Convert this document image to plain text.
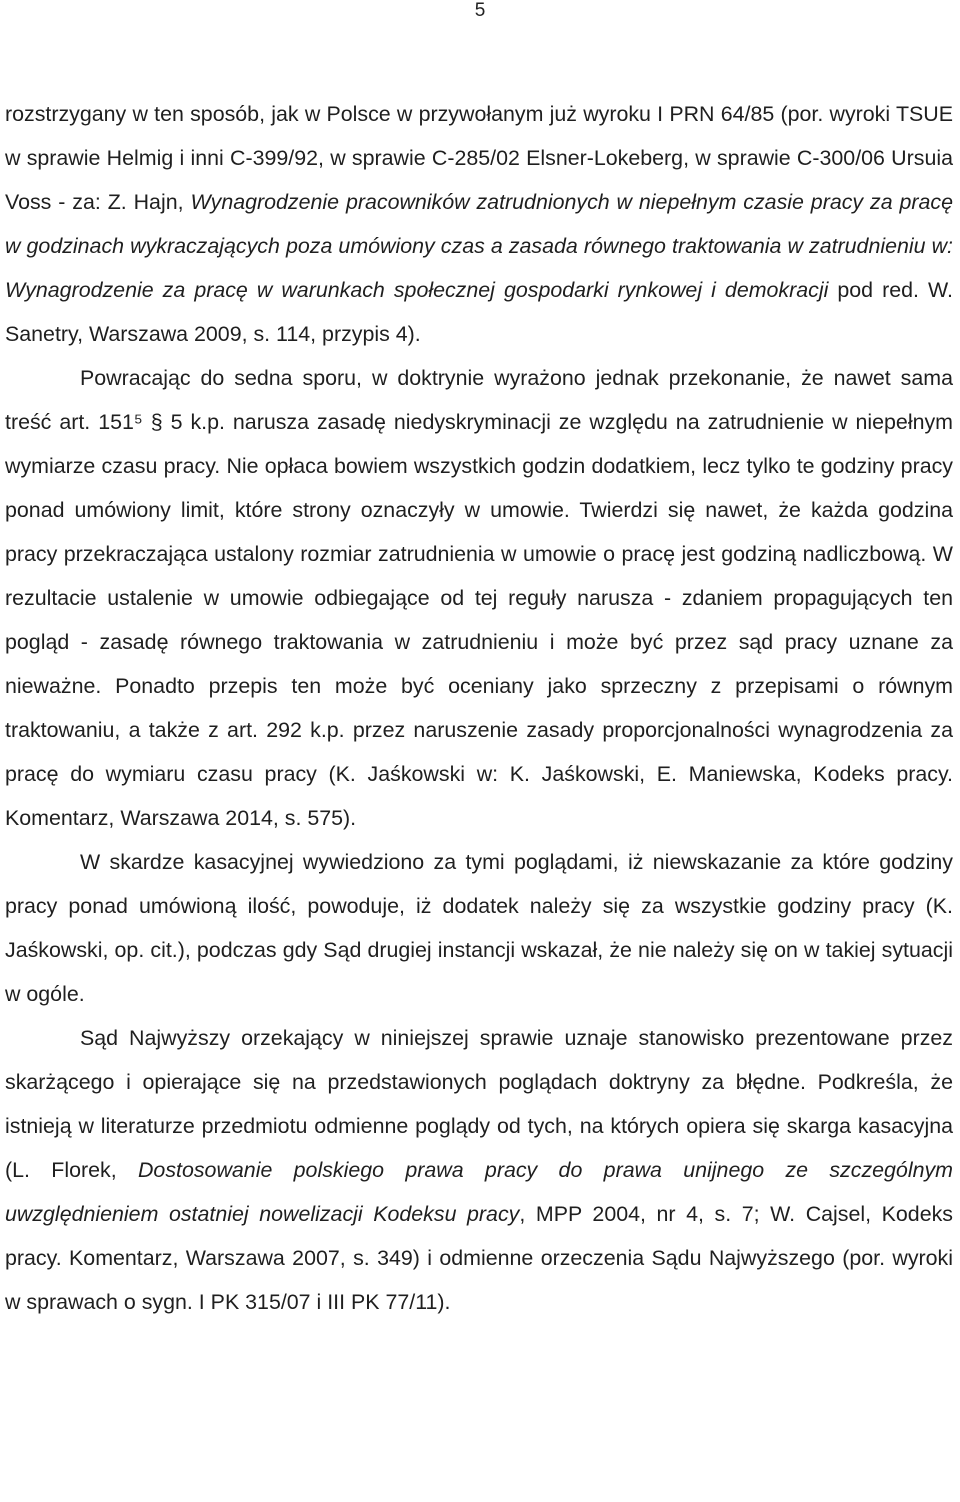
5

rozstrzygany w ten sposób, jak w Polsce w przywołanym już wyroku I PRN 64/85 (por. wyroki TSUE w sprawie Helmig i inni C-399/92, w sprawie C-285/02 Elsner-Lokeberg, w sprawie C-300/06 Ursuia Voss - za: Z. Hajn, Wynagrodzenie pracowników zatrudnionych w niepełnym czasie pracy za pracę w godzinach wykraczających poza umówiony czas a zasada równego traktowania w zatrudnieniu w: Wynagrodzenie za pracę w warunkach społecznej gospodarki rynkowej i demokracji pod red. W. Sanetry, Warszawa 2009, s. 114, przypis 4).

Powracając do sedna sporu, w doktrynie wyrażono jednak przekonanie, że nawet sama treść art. 151⁵ § 5 k.p. narusza zasadę niedyskryminacji ze względu na zatrudnienie w niepełnym wymiarze czasu pracy. Nie opłaca bowiem wszystkich godzin dodatkiem, lecz tylko te godziny pracy ponad umówiony limit, które strony oznaczyły w umowie. Twierdzi się nawet, że każda godzina pracy przekraczająca ustalony rozmiar zatrudnienia w umowie o pracę jest godziną nadliczbową. W rezultacie ustalenie w umowie odbiegające od tej reguły narusza - zdaniem propagujących ten pogląd - zasadę równego traktowania w zatrudnieniu i może być przez sąd pracy uznane za nieważne. Ponadto przepis ten może być oceniany jako sprzeczny z przepisami o równym traktowaniu, a także z art. 292 k.p. przez naruszenie zasady proporcjonalności wynagrodzenia za pracę do wymiaru czasu pracy (K. Jaśkowski w: K. Jaśkowski, E. Maniewska, Kodeks pracy. Komentarz, Warszawa 2014, s. 575).

W skardze kasacyjnej wywiedziono za tymi poglądami, iż niewskazanie za które godziny pracy ponad umówioną ilość, powoduje, iż dodatek należy się za wszystkie godziny pracy (K. Jaśkowski, op. cit.), podczas gdy Sąd drugiej instancji wskazał, że nie należy się on w takiej sytuacji w ogóle.

Sąd Najwyższy orzekający w niniejszej sprawie uznaje stanowisko prezentowane przez skarżącego i opierające się na przedstawionych poglądach doktryny za błędne. Podkreśla, że istnieją w literaturze przedmiotu odmienne poglądy od tych, na których opiera się skarga kasacyjna (L. Florek, Dostosowanie polskiego prawa pracy do prawa unijnego ze szczególnym uwzględnieniem ostatniej nowelizacji Kodeksu pracy, MPP 2004, nr 4, s. 7; W. Cajsel, Kodeks pracy. Komentarz, Warszawa 2007, s. 349) i odmienne orzeczenia Sądu Najwyższego (por. wyroki w sprawach o sygn. I PK 315/07 i III PK 77/11).
